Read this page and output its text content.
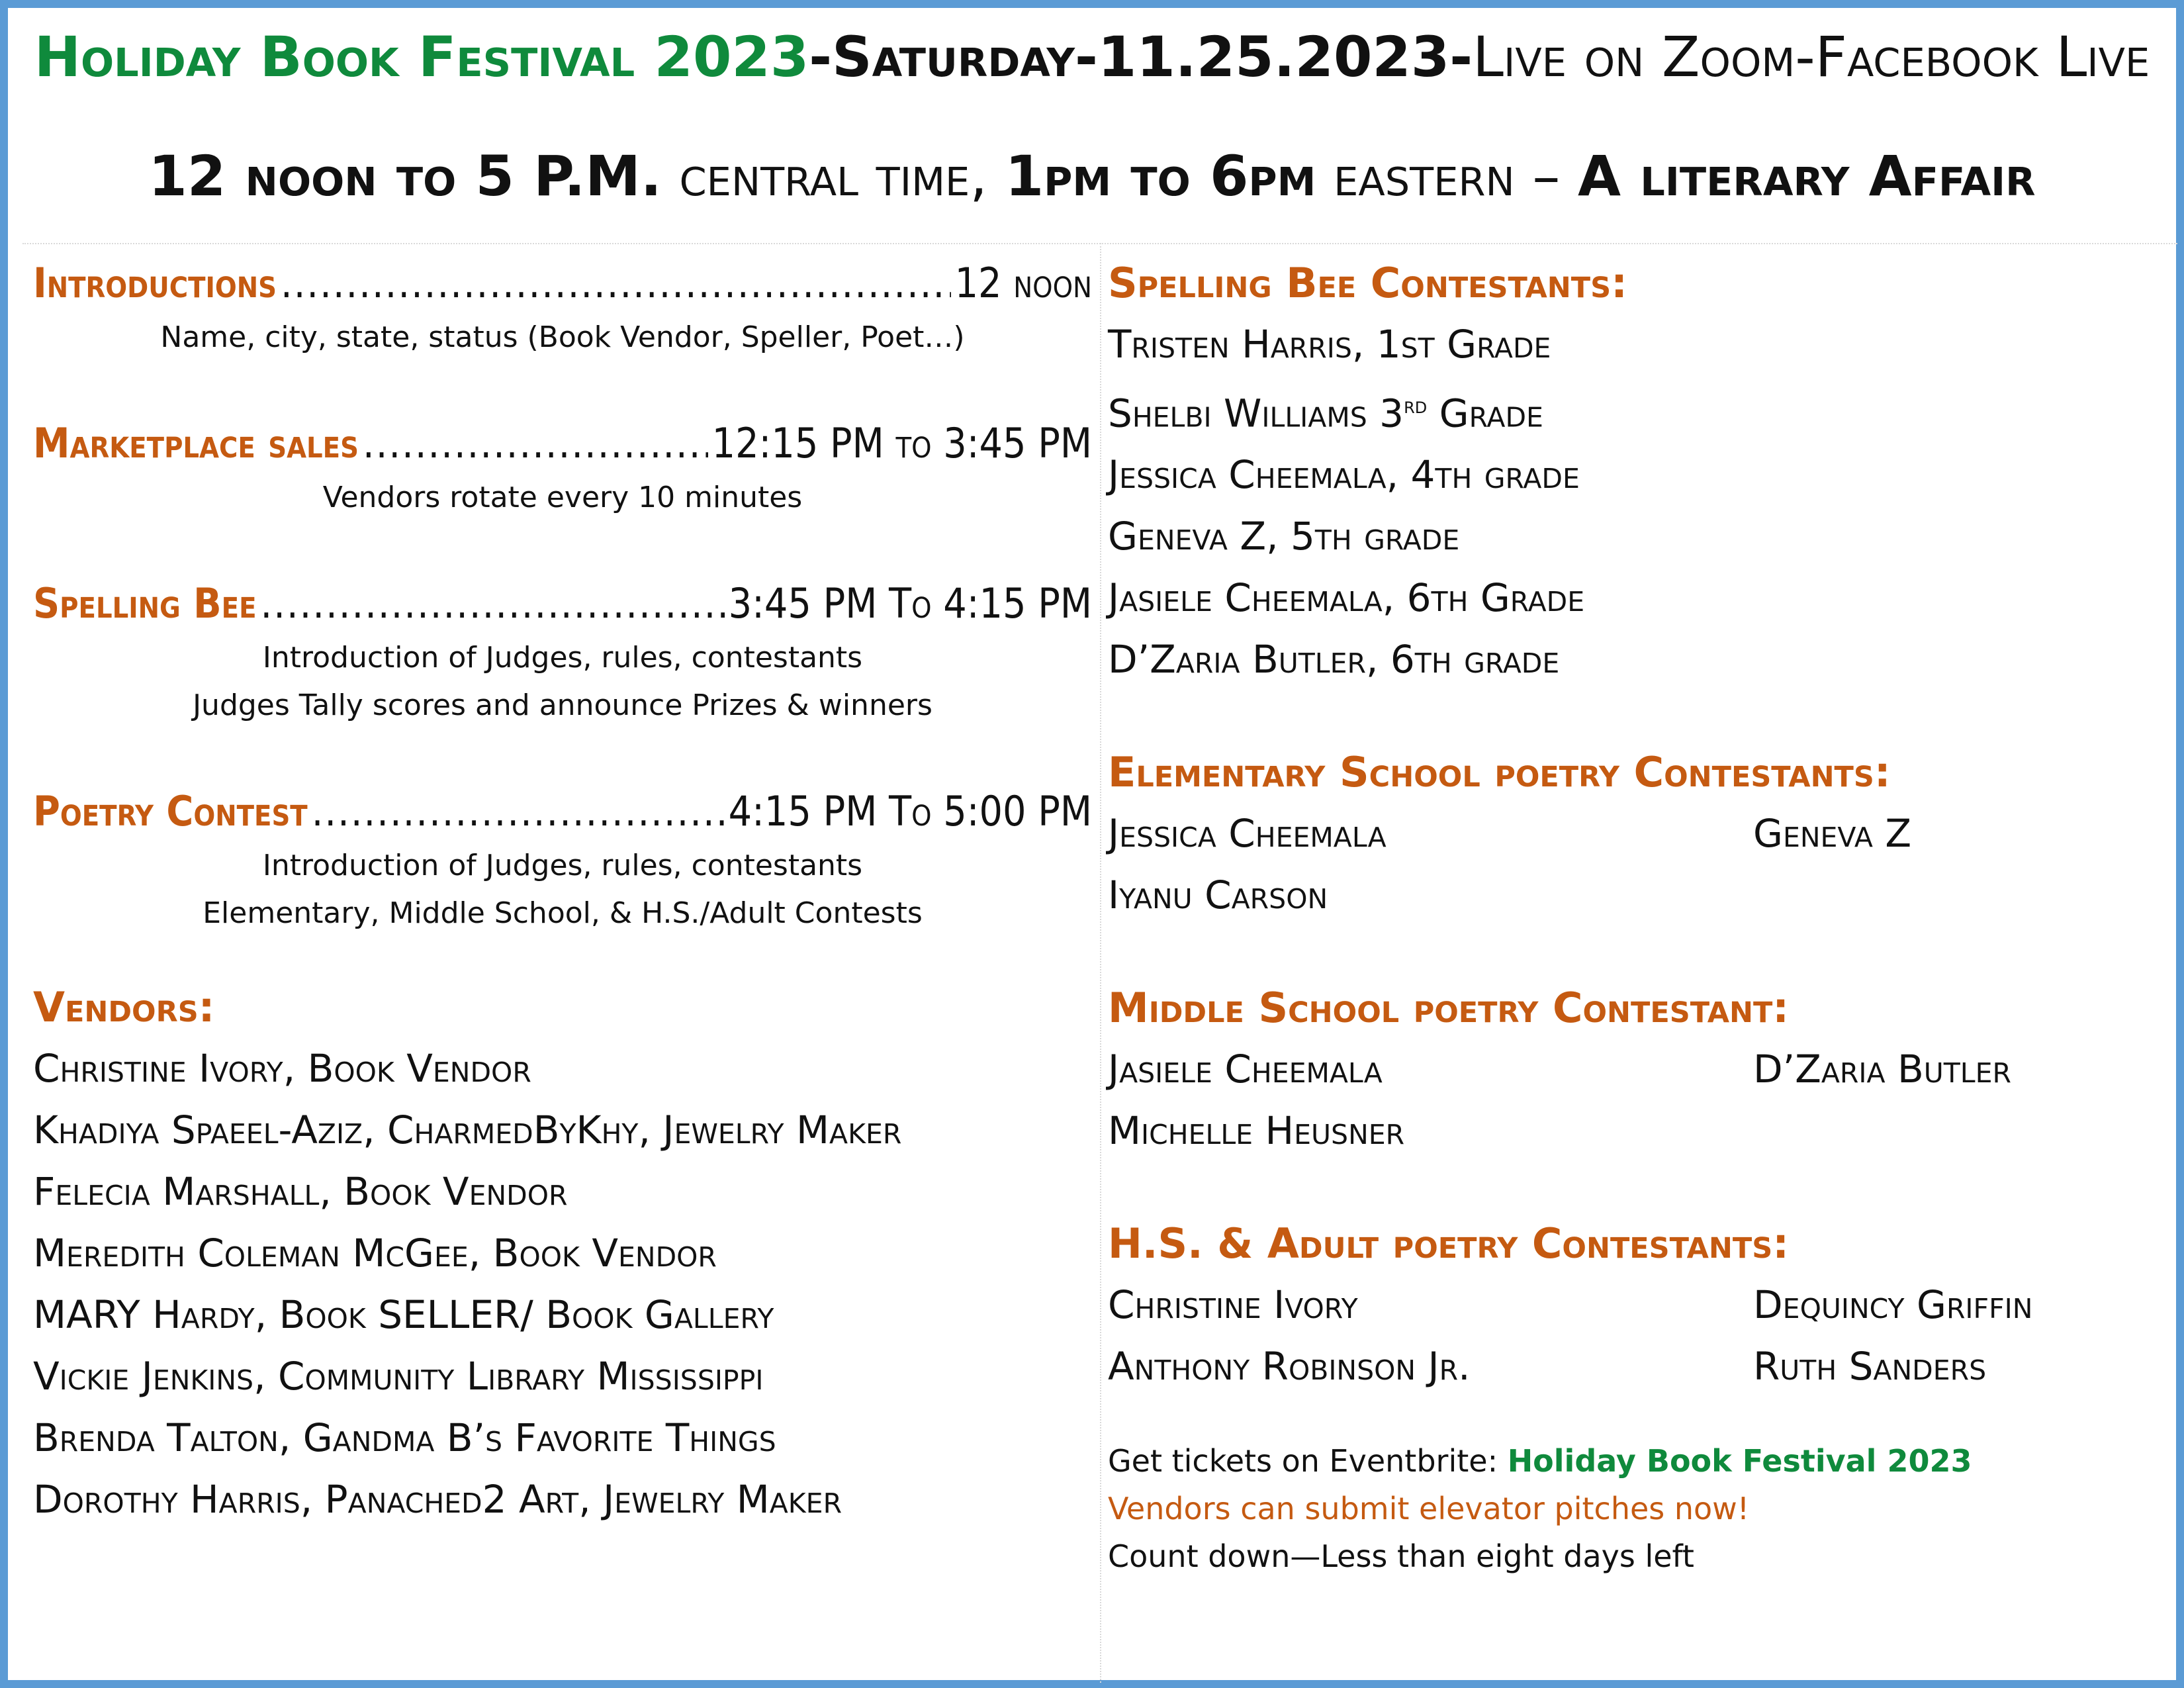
Holiday Book Festival 2023-Saturday-11.25.2023-Live on Zoom-Facebook Live
12 noon to 5 P.M. central time, 1pm to 6pm eastern – A literary Affair
Introductions .....	12 noon
Name, city, state, status (Book Vendor, Speller, Poet…)
Marketplace sales .....	12:15 PM to 3:45 PM
Vendors rotate every 10 minutes
Spelling Bee .....	3:45 PM To 4:15 PM
Introduction of Judges, rules, contestants
Judges Tally scores and announce Prizes & winners
Poetry Contest .....	4:15 PM To 5:00 PM
Introduction of Judges, rules, contestants
Elementary, Middle School, & H.S./Adult Contests
Vendors:
Christine Ivory, Book Vendor
Khadiya Spaeel-Aziz, CharmedByKhy, Jewelry Maker
Felecia Marshall, Book Vendor
Meredith Coleman McGee, Book Vendor
MARY Hardy, Book SELLER/ Book Gallery
Vickie Jenkins, Community Library Mississippi
Brenda Talton, Gandma B’s Favorite Things
Dorothy Harris, Panached2 Art, Jewelry Maker
Spelling Bee Contestants:
Tristen Harris, 1st Grade
Shelbi Williams 3rd Grade
Jessica Cheemala, 4th grade
Geneva Z, 5th grade
Jasiele Cheemala, 6th Grade
D’Zaria Butler, 6th grade
Elementary School poetry Contestants:
Jessica Cheemala	Geneva Z
Iyanu Carson
Middle School poetry Contestant:
Jasiele Cheemala	D’Zaria Butler
Michelle Heusner
H.S. & Adult poetry Contestants:
Christine Ivory	Dequincy Griffin
Anthony Robinson Jr.	Ruth Sanders
Get tickets on Eventbrite: Holiday Book Festival 2023
Vendors can submit elevator pitches now!
Count down—Less than eight days left
